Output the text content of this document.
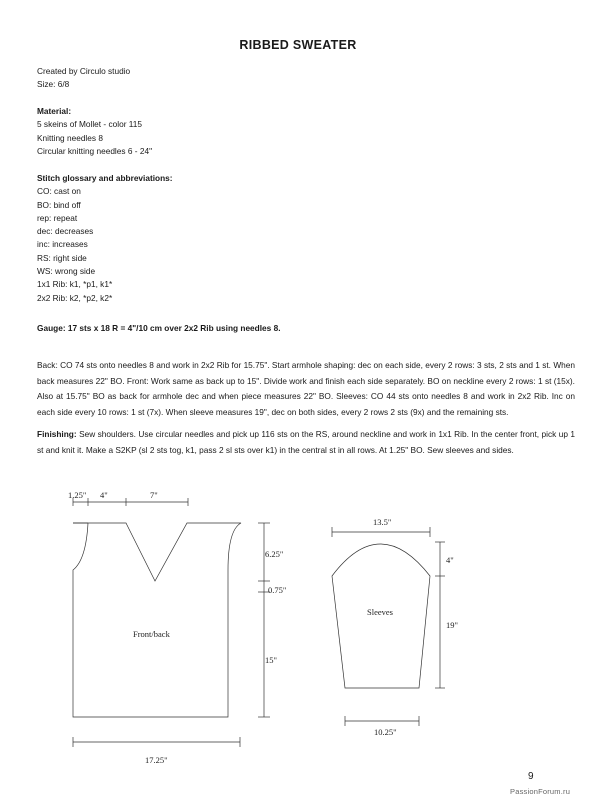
RIBBED SWEATER
Created by Circulo studio
Size: 6/8
Material:
5 skeins of Mollet - color 115
Knitting needles 8
Circular knitting needles 6 - 24"
Stitch glossary and abbreviations:
CO: cast on
BO: bind off
rep: repeat
dec: decreases
inc: increases
RS: right side
WS: wrong side
1x1 Rib: k1, *p1, k1*
2x2 Rib: k2, *p2, k2*
Gauge: 17 sts x 18 R = 4"/10 cm over 2x2 Rib using needles 8.
Back: CO 74 sts onto needles 8 and work in 2x2 Rib for 15.75". Start armhole shaping: dec on each side, every 2 rows: 3 sts, 2 sts and 1 st. When back measures 22" BO. Front: Work same as back up to 15". Divide work and finish each side separately. BO on neckline every 2 rows: 1 st (15x). Also at 15.75" BO as back for armhole dec and when piece measures 22" BO. Sleeves: CO 44 sts onto needles 8 and work in 2x2 Rib. Inc on each side every 10 rows: 1 st (7x). When sleeve measures 19", dec on both sides, every 2 rows 2 sts (9x) and the remaining sts.
Finishing: Sew shoulders. Use circular needles and pick up 116 sts on the RS, around neckline and work in 1x1 Rib. In the center front, pick up 1 st and knit it. Make a S2KP (sl 2 sts tog, k1, pass 2 sl sts over k1) in the central st in all rows. At 1.25" BO. Sew sleeves and sides.
Front/back
1.25" 4"	7"
6.25"
0.75"
15"
17.25"
Sleeves
13.5"
4"
19"
10.25"
9
PassionForum.ru
